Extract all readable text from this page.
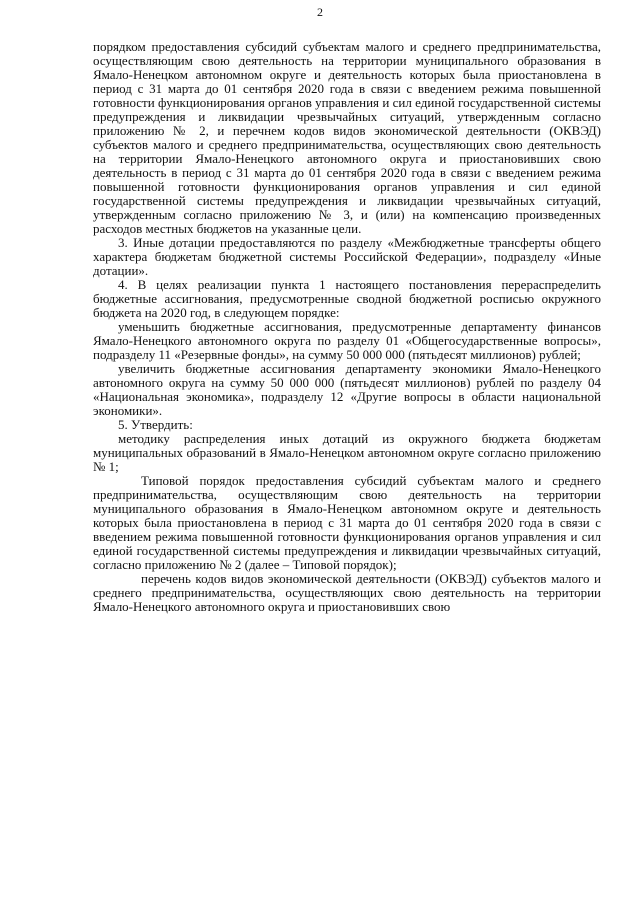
2

порядком предоставления субсидий субъектам малого и среднего предпринимательства, осуществляющим свою деятельность на территории муниципального образования в Ямало-Ненецком автономном округе и деятельность которых была приостановлена в период с 31 марта до 01 сентября 2020 года в связи с введением режима повышенной готовности функционирования органов управления и сил единой государственной системы предупреждения и ликвидации чрезвычайных ситуаций, утвержденным согласно приложению № 2, и перечнем кодов видов экономической деятельности (ОКВЭД) субъектов малого и среднего предпринимательства, осуществляющих свою деятельность на территории Ямало-Ненецкого автономного округа и приостановивших свою деятельность в период с 31 марта до 01 сентября 2020 года в связи с введением режима повышенной готовности функционирования органов управления и сил единой государственной системы предупреждения и ликвидации чрезвычайных ситуаций, утвержденным согласно приложению № 3, и (или) на компенсацию произведенных расходов местных бюджетов на указанные цели.

3. Иные дотации предоставляются по разделу «Межбюджетные трансферты общего характера бюджетам бюджетной системы Российской Федерации», подразделу «Иные дотации».

4. В целях реализации пункта 1 настоящего постановления перераспределить бюджетные ассигнования, предусмотренные сводной бюджетной росписью окружного бюджета на 2020 год, в следующем порядке:

уменьшить бюджетные ассигнования, предусмотренные департаменту финансов Ямало-Ненецкого автономного округа по разделу 01 «Общегосударственные вопросы», подразделу 11 «Резервные фонды», на сумму 50 000 000 (пятьдесят миллионов) рублей;

увеличить бюджетные ассигнования департаменту экономики Ямало-Ненецкого автономного округа на сумму 50 000 000 (пятьдесят миллионов) рублей по разделу 04 «Национальная экономика», подразделу 12 «Другие вопросы в области национальной экономики».

5. Утвердить:

методику распределения иных дотаций из окружного бюджета бюджетам муниципальных образований в Ямало-Ненецком автономном округе согласно приложению № 1;

Типовой порядок предоставления субсидий субъектам малого и среднего предпринимательства, осуществляющим свою деятельность на территории муниципального образования в Ямало-Ненецком автономном округе и деятельность которых была приостановлена в период с 31 марта до 01 сентября 2020 года в связи с введением режима повышенной готовности функционирования органов управления и сил единой государственной системы предупреждения и ликвидации чрезвычайных ситуаций, согласно приложению № 2 (далее – Типовой порядок);

перечень кодов видов экономической деятельности (ОКВЭД) субъектов малого и среднего предпринимательства, осуществляющих свою деятельность на территории Ямало-Ненецкого автономного округа и приостановивших свою
